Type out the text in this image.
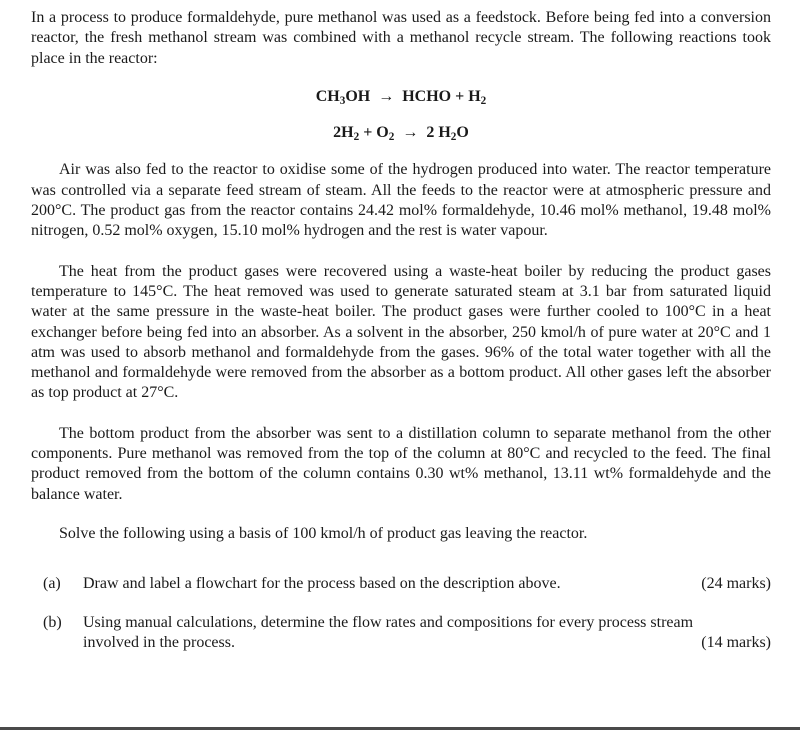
In a process to produce formaldehyde, pure methanol was used as a feedstock. Before being fed into a conversion reactor, the fresh methanol stream was combined with a methanol recycle stream. The following reactions took place in the reactor:

$CH_3OH$  →  HCHO + $H_2$

$2H_2 + O_2 \to 2$ $H_2O$

Air was also fed to the reactor to oxidise some of the hydrogen produced into water. The reactor temperature was controlled via a separate feed stream of steam. All the feeds to the reactor were at atmospheric pressure and 200°C. The product gas from the reactor contains 24.42 mol% formaldehyde, 10.46 mol% methanol, 19.48 mol% nitrogen, 0.52 mol% oxygen, 15.10 mol% hydrogen and the rest is water vapour.

The heat from the product gases were recovered using a waste-heat boiler by reducing the product gases temperature to 145°C. The heat removed was used to generate saturated steam at 3.1 bar from saturated liquid water at the same pressure in the waste-heat boiler. The product gases were further cooled to 100°C in a heat exchanger before being fed into an absorber. As a solvent in the absorber, 250 kmol/h of pure water at 20°C and 1 atm was used to absorb methanol and formaldehyde from the gases. 96% of the total water together with all the methanol and formaldehyde were removed from the absorber as a bottom product. All other gases left the absorber as top product at 27°C.

The bottom product from the absorber was sent to a distillation column to separate methanol from the other components. Pure methanol was removed from the top of the column at 80°C and recycled to the feed. The final product removed from the bottom of the column contains 0.30 wt% methanol, 13.11 wt% formaldehyde and the balance water.

Solve the following using a basis of 100 kmol/h of product gas leaving the reactor.

(a)	Draw and label a flowchart for the process based on the description above.	(24 marks)
(b)	Using manual calculations, determine the flow rates and compositions for every process stream
involved in the process.	(14 marks)
